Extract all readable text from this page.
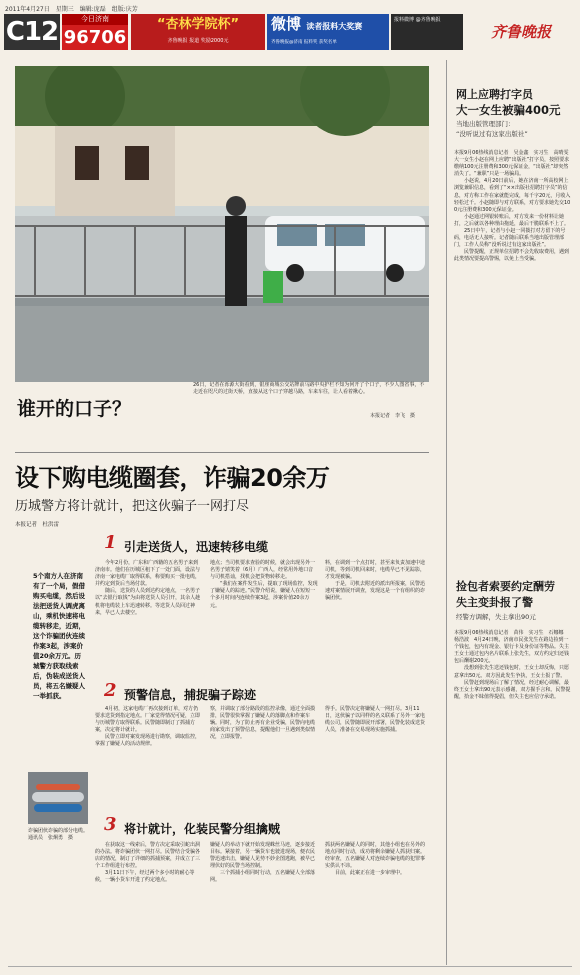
2011年4月27日　星期三　编辑:庞磊　组版:庆芳
C12	今日济南
96706
“杏林学院杯”
齐鲁晚报 报道 奖励2000元
微博 读者报料大奖赛
齐鲁晚报@济南 报料奖 获奖名单
报料微博 @齐鲁晚报
齐鲁晚报
26日，记者在泺源大街看到，银座商城公交站牌前马路中央护栏不知为何开了个口子，不少人图省事，不走近在咫尺的过街天桥，直接从这个口子穿越马路，车来车往，让人看着揪心。
本报记者　李飞　摄
谁开的口子？
网上应聘打字员
大一女生被骗400元
当地出版管理部门：
“没听说过有这家出版社”
本报9月06热线消息记者　吴金鑫　实习生　高晴雯　大一女生小赵在网上应聘“出版社”打字员，按照要求缴纳100元注册费和300元保证金，“出版社”却突然消失了。“兼职”只是一场骗局。
　　小赵说，4月20日前后，她在济南一所高校网上浏览兼职信息，看到了“××出版社招聘打字员”的信息，对方称工作在家就能完成，每千字20元，月收入轻松过千。小赵随即与对方联系，对方要求她先交100元注册费和300元保证金。
　　小赵通过网银转账后，对方发来一份材料让她打，之后就以各种理由拖延，最后干脆联系不上了。
　　25日中午，记者与小赵一同拨打对方留下的号码，电话无人接听。记者随后联系当地出版管理部门，工作人员称“没听说过有这家出版社”。
　　民警提醒，正规单位招聘不会先收取费用，遇到此类情况要提高警惕，以免上当受骗。
捡包者索要约定酬劳
失主变卦报了警
经警方调解，失主拿出90元
本报9月06热线消息记者　苗伟　实习生　石娜娜　杨浩波　4月24日晚，济南市民张先生在路边捡到一个钱包，包内有现金、银行卡及身份证等物品。失主王女士通过包内名片联系上张先生，双方约定归还钱包后酬谢200元。
　　没想到张先生送还钱包时，王女士却反悔，只愿意拿出50元。双方因此发生争执，王女士报了警。
　　民警赶到现场后了解了情况，经过耐心调解，最终王女士拿出90元表示感谢，双方握手言和。民警提醒，拾金不昧值得提倡，但失主也应信守承诺。
设下购电缆圈套，诈骗20余万
历城警方将计就计，把这伙骗子一网打尽
本报记者　杜洪雷
5个南方人在济南有了一个局，假借购买电缆，然后设法把送货人调虎离山，乘机快速将电缆转移走，近期，这个诈骗团伙连续作案3起，涉案价值20余万元。历城警方获取线索后，伪装成送货人员，将五名嫌疑人一举抓获。
诈骗团伙诈骗的部分电缆。
通讯员　张炯勇　摄
1 引走送货人，迅速转移电缆
　　今年2月份，广东和广西籍的五名男子来到济南市。他们在历城区租下了一处门面，设法与济南一家电缆厂取得联系，称要购买一批电缆，并约定到货后当场付款。
　　随后，送货的人员到达约定地点，一名男子以“去银行取钱”为由将送货人员引开，其余人趁机将电缆装上车迅速转移。等送货人员回过神来，早已人去楼空。
地点；当司机要求查验的时候，就会出现另外一名男子嬉笑着（6月）广西人，经常用外地口音与司机搭讪，找机会把货物转移走。
　　“我们在案件发生后，提取了现场监控，发现了嫌疑人的踪迹。”民警介绍说，嫌疑人在短短一个多月时间内连续作案3起，涉案价值20余万元。
料，在调到一个点打时，甚至来负责加速中途司机，等到司机回来时，电缆早已不见踪影，才发现被骗。
　　于是，司机去附近的派出所报案，民警迅速对案情展开调查，发现这是一个有组织的诈骗团伙。
2 预警信息，捕捉骗子踪迹
　　4月初，这家电缆厂再次接到订单，对方仍要求送货到指定地点。厂家觉得情况可疑，立即与历城警方取得联系。民警随即制订了抓捕方案，决定将计就计。
　　民警立即对案发现场进行勘察，调取监控，掌握了嫌疑人的活动规律。
察，并调取了部分路段的监控录像，通过全面摸排，民警很快掌握了嫌疑人的落脚点和作案车辆。同时，为了防止再有企业受骗，民警向电缆商家发出了预警信息，提醒他们一旦遇到类似情况，立即报警。
得手。民警决定将嫌疑人一网打尽。3月11日，这伙骗子以同样的名义联系了另外一家电缆公司，民警随即展开部署，民警化装成送货人员，准备在交易现场实施抓捕。
3 将计就计，化装民警分组擒贼
　　在获取这一线索后，警方决定采取引蛇出洞的办法。将诈骗团伙一网打尽。民警结合受骗各店的情况，制订了详细的抓捕预案，并成立了三个工作组进行布控。
　　3月11日下午，经过两个多小时的耐心等候，一辆小货车开进了约定地点。
嫌疑人的举动下就开始发现蛛丝马迹，逐步接近目标。紧接着，另一辆货车也驶进现场，便衣民警迅速出击，嫌疑人见势不妙企图逃跑，被早已埋伏好的民警当场控制。
　　三个抓捕小组同时行动，五名嫌疑人全部落网。
抓获两名嫌疑人的同时，其他小组也在另外的地点同时行动，成功将剩余嫌疑人抓获归案。经审查，五名嫌疑人对连续诈骗电缆的犯罪事实供认不讳。
　　目前，此案正在进一步审理中。
